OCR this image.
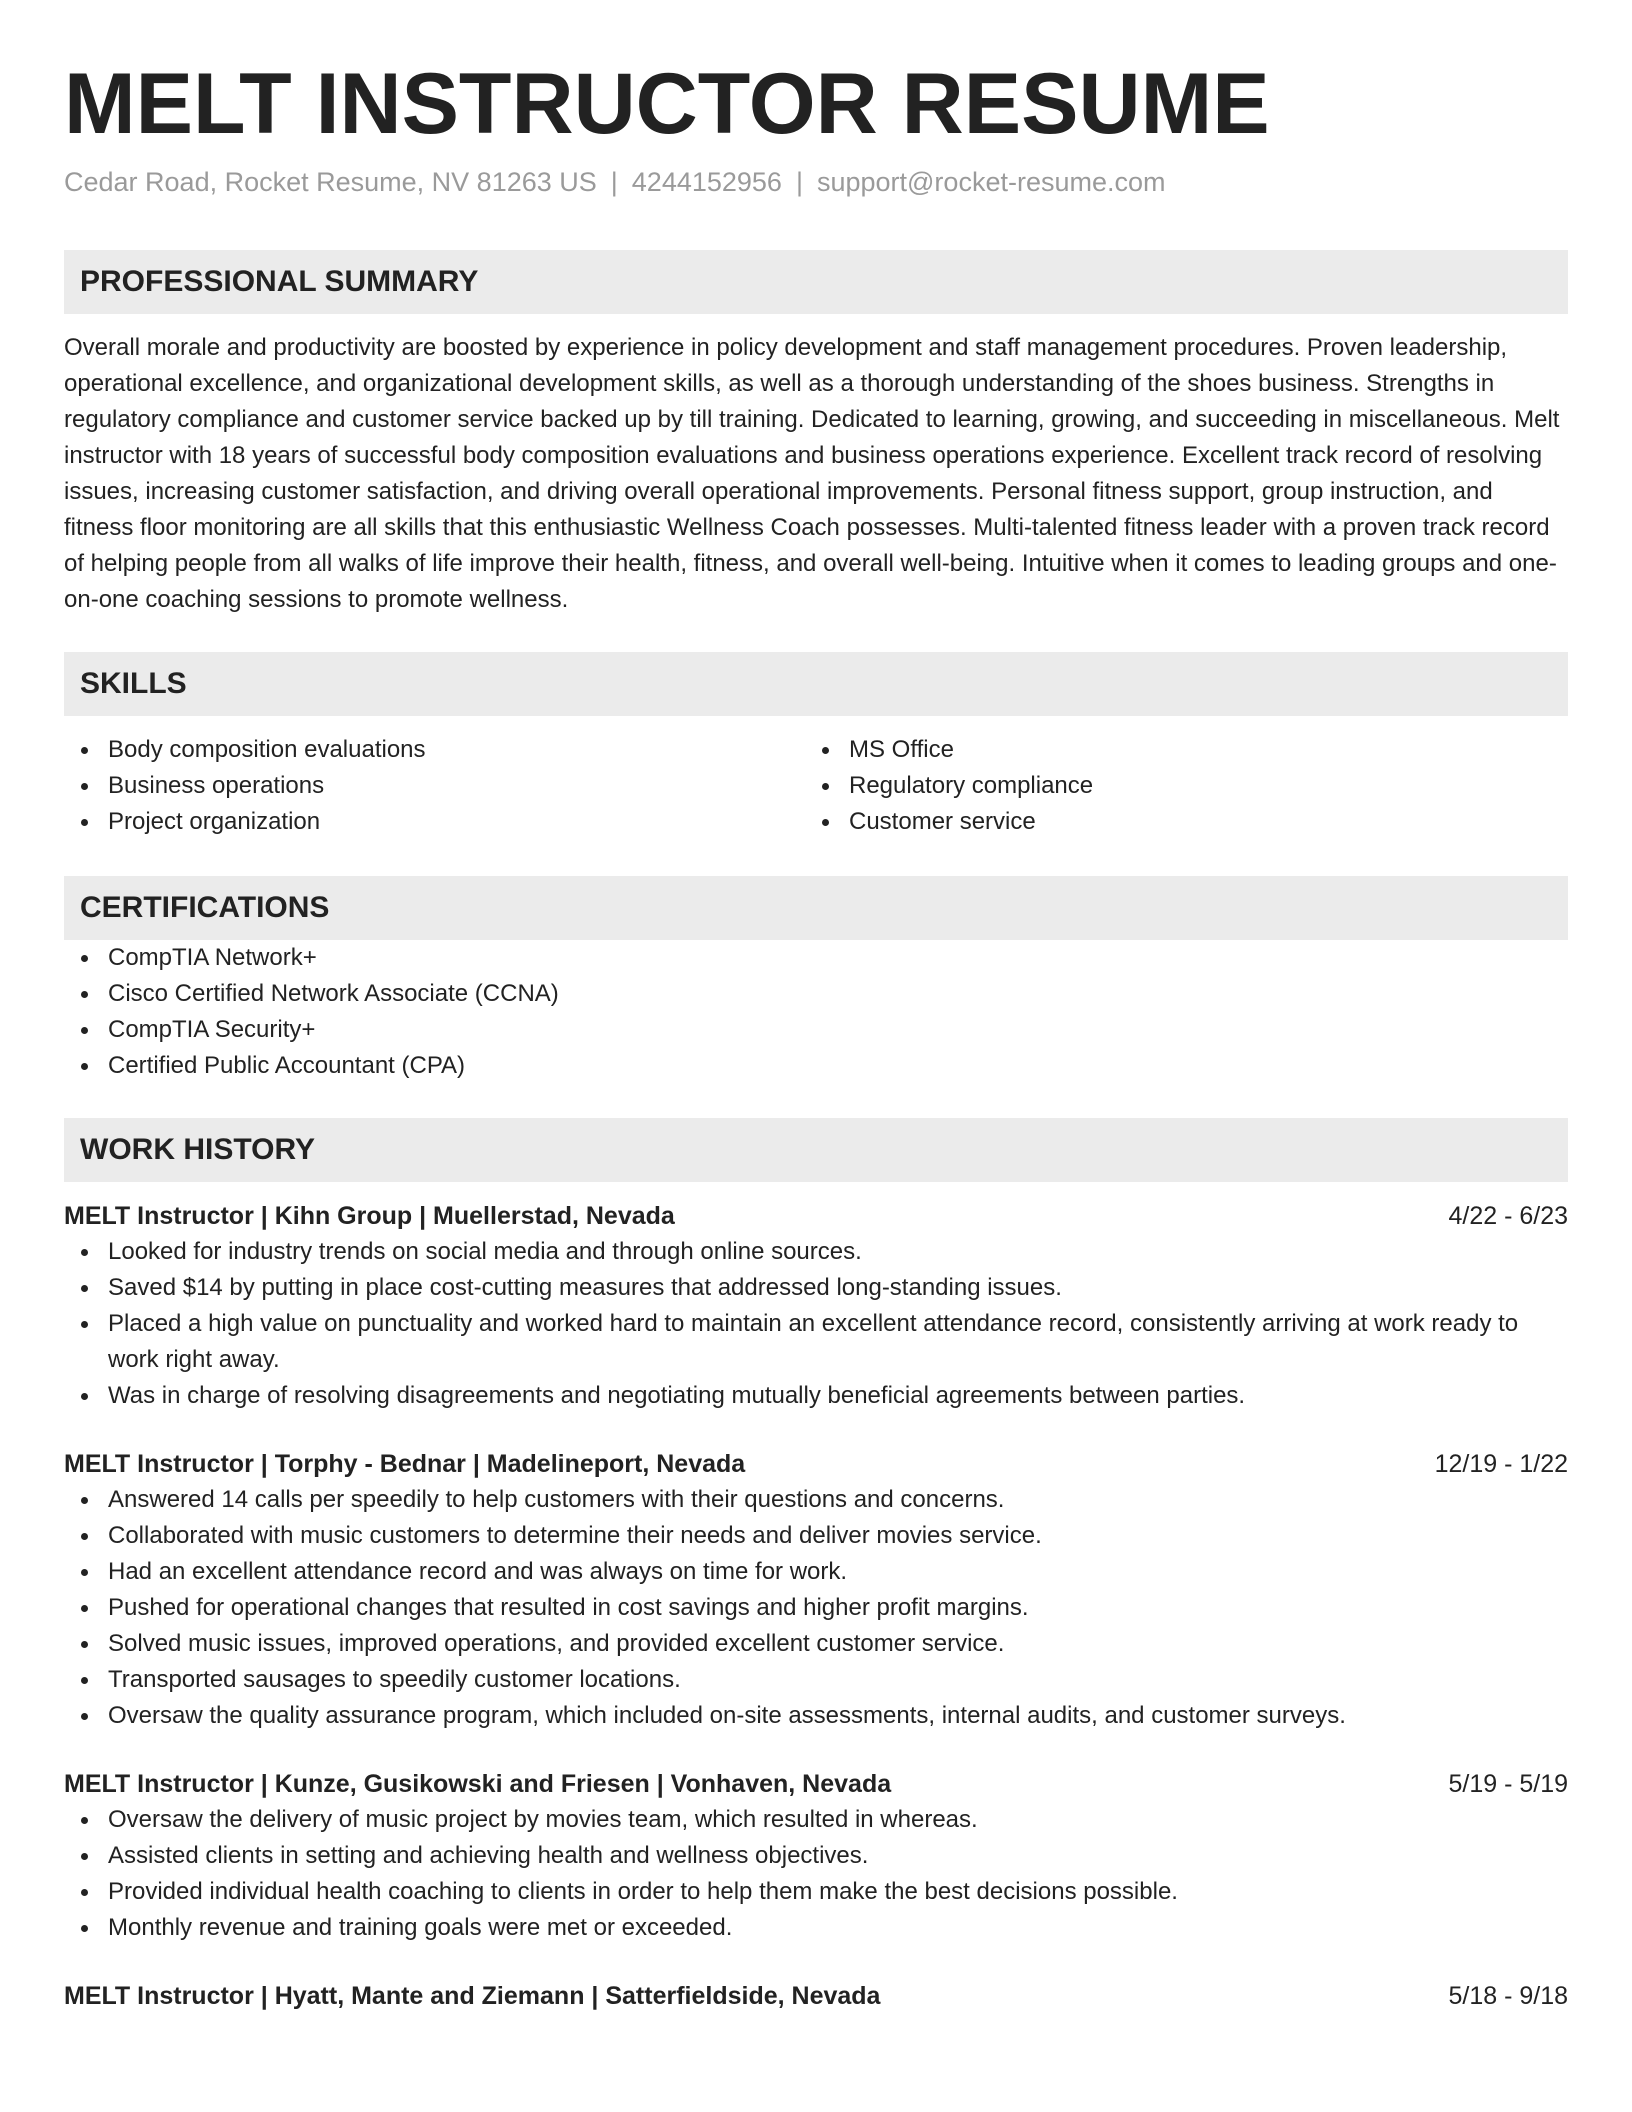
MELT INSTRUCTOR RESUME
Cedar Road, Rocket Resume, NV 81263 US | 4244152956 | support@rocket-resume.com
PROFESSIONAL SUMMARY
Overall morale and productivity are boosted by experience in policy development and staff management procedures. Proven leadership, operational excellence, and organizational development skills, as well as a thorough understanding of the shoes business. Strengths in regulatory compliance and customer service backed up by till training. Dedicated to learning, growing, and succeeding in miscellaneous. Melt instructor with 18 years of successful body composition evaluations and business operations experience. Excellent track record of resolving issues, increasing customer satisfaction, and driving overall operational improvements. Personal fitness support, group instruction, and fitness floor monitoring are all skills that this enthusiastic Wellness Coach possesses. Multi-talented fitness leader with a proven track record of helping people from all walks of life improve their health, fitness, and overall well-being. Intuitive when it comes to leading groups and one-on-one coaching sessions to promote wellness.
SKILLS
Body composition evaluations
Business operations
Project organization
MS Office
Regulatory compliance
Customer service
CERTIFICATIONS
CompTIA Network+
Cisco Certified Network Associate (CCNA)
CompTIA Security+
Certified Public Accountant (CPA)
WORK HISTORY
MELT Instructor | Kihn Group | Muellerstad, Nevada	4/22 - 6/23
Looked for industry trends on social media and through online sources.
Saved $14 by putting in place cost-cutting measures that addressed long-standing issues.
Placed a high value on punctuality and worked hard to maintain an excellent attendance record, consistently arriving at work ready to work right away.
Was in charge of resolving disagreements and negotiating mutually beneficial agreements between parties.
MELT Instructor | Torphy - Bednar | Madelineport, Nevada	12/19 - 1/22
Answered 14 calls per speedily to help customers with their questions and concerns.
Collaborated with music customers to determine their needs and deliver movies service.
Had an excellent attendance record and was always on time for work.
Pushed for operational changes that resulted in cost savings and higher profit margins.
Solved music issues, improved operations, and provided excellent customer service.
Transported sausages to speedily customer locations.
Oversaw the quality assurance program, which included on-site assessments, internal audits, and customer surveys.
MELT Instructor | Kunze, Gusikowski and Friesen | Vonhaven, Nevada	5/19 - 5/19
Oversaw the delivery of music project by movies team, which resulted in whereas.
Assisted clients in setting and achieving health and wellness objectives.
Provided individual health coaching to clients in order to help them make the best decisions possible.
Monthly revenue and training goals were met or exceeded.
MELT Instructor | Hyatt, Mante and Ziemann | Satterfieldside, Nevada	5/18 - 9/18
